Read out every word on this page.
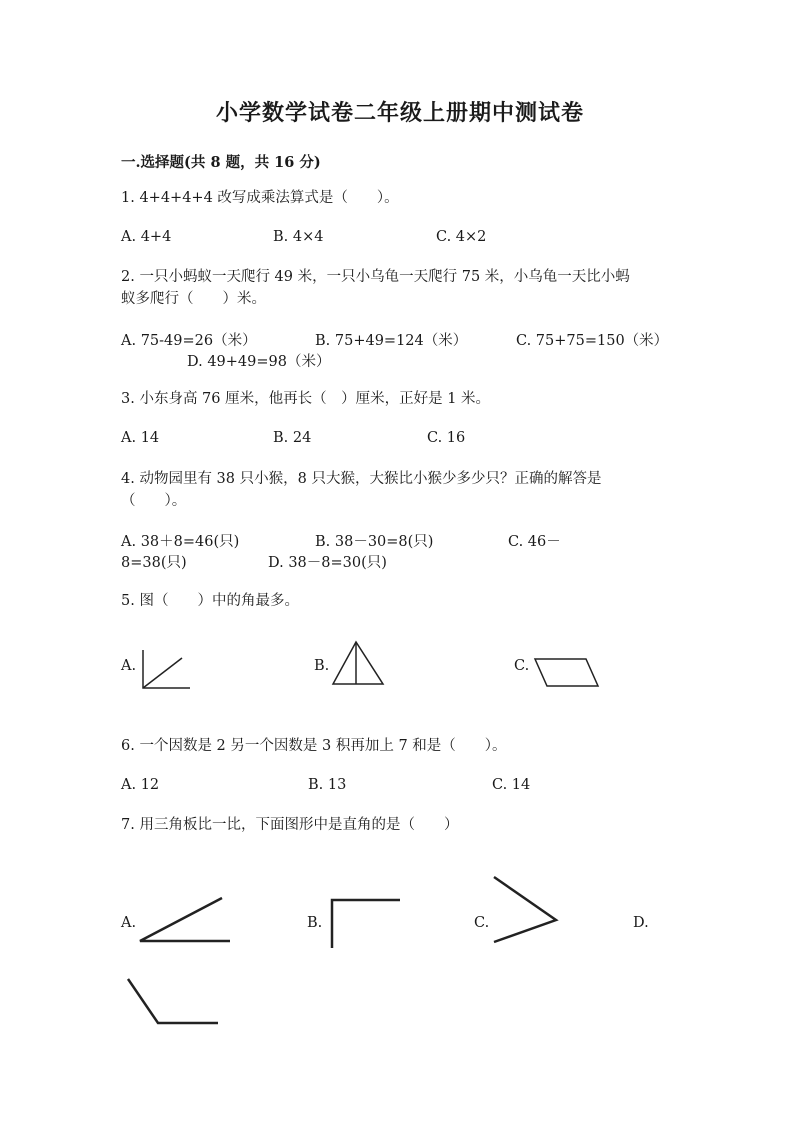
小学数学试卷二年级上册期中测试卷
一.选择题(共 8 题，共 16 分)
1. 4+4+4+4 改写成乘法算式是（　　）。
A. 4+4	B. 4×4	C. 4×2
2. 一只小蚂蚁一天爬行 49 米，一只小乌龟一天爬行 75 米，小乌龟一天比小蚂
蚁多爬行（　　）米。
A. 75-49=26（米）	B. 75+49=124（米）	C. 75+75=150（米）
D. 49+49=98（米）
3. 小东身高 76 厘米，他再长（　）厘米，正好是 1 米。
A. 14	B. 24	C. 16
4. 动物园里有 38 只小猴，8 只大猴，大猴比小猴少多少只？正确的解答是
（　　）。
A. 38＋8=46(只)	B. 38－30=8(只)	C. 46－
8=38(只)	D. 38－8=30(只)
5. 图（　　）中的角最多。
A.	B.	C.
6. 一个因数是 2 另一个因数是 3 积再加上 7 和是（　　）。
A. 12	B. 13	C. 14
7. 用三角板比一比，下面图形中是直角的是（　　）
A.	B.	C.	D.
